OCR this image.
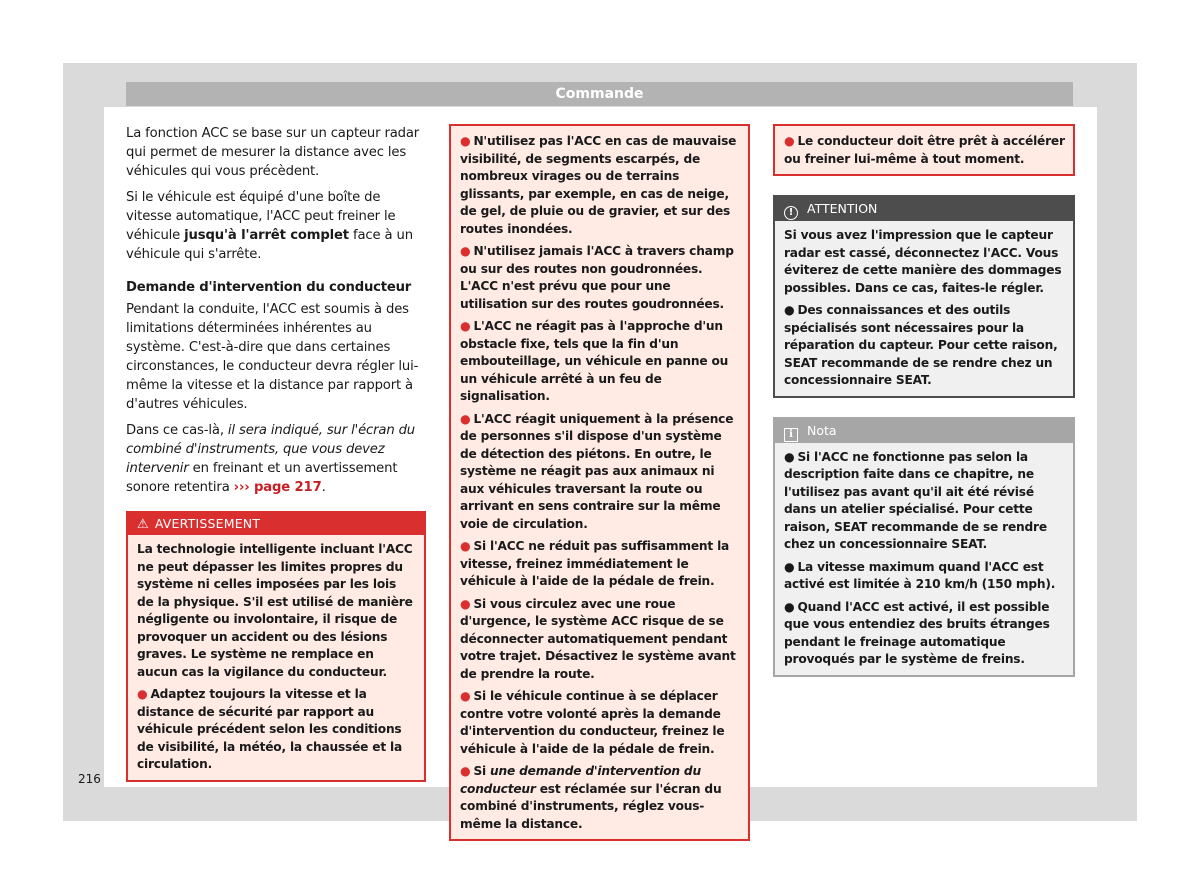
Commande

La fonction ACC se base sur un capteur radar qui permet de mesurer la distance avec les véhicules qui vous précèdent.

Si le véhicule est équipé d'une boîte de vitesse automatique, l'ACC peut freiner le véhicule jusqu'à l'arrêt complet face à un véhicule qui s'arrête.

Demande d'intervention du conducteur

Pendant la conduite, l'ACC est soumis à des limitations déterminées inhérentes au système. C'est-à-dire que dans certaines circonstances, le conducteur devra régler lui-même la vitesse et la distance par rapport à d'autres véhicules.

Dans ce cas-là, il sera indiqué, sur l'écran du combiné d'instruments, que vous devez intervenir en freinant et un avertissement sonore retentira ››› page 217.

⚠ AVERTISSEMENT

La technologie intelligente incluant l'ACC ne peut dépasser les limites propres du système ni celles imposées par les lois de la physique. S'il est utilisé de manière négligente ou involontaire, il risque de provoquer un accident ou des lésions graves. Le système ne remplace en aucun cas la vigilance du conducteur.

● Adaptez toujours la vitesse et la distance de sécurité par rapport au véhicule précédent selon les conditions de visibilité, la météo, la chaussée et la circulation.

● N'utilisez pas l'ACC en cas de mauvaise visibilité, de segments escarpés, de nombreux virages ou de terrains glissants, par exemple, en cas de neige, de gel, de pluie ou de gravier, et sur des routes inondées.

● N'utilisez jamais l'ACC à travers champ ou sur des routes non goudronnées. L'ACC n'est prévu que pour une utilisation sur des routes goudronnées.

● L'ACC ne réagit pas à l'approche d'un obstacle fixe, tels que la fin d'un embouteillage, un véhicule en panne ou un véhicule arrêté à un feu de signalisation.

● L'ACC réagit uniquement à la présence de personnes s'il dispose d'un système de détection des piétons. En outre, le système ne réagit pas aux animaux ni aux véhicules traversant la route ou arrivant en sens contraire sur la même voie de circulation.

● Si l'ACC ne réduit pas suffisamment la vitesse, freinez immédiatement le véhicule à l'aide de la pédale de frein.

● Si vous circulez avec une roue d'urgence, le système ACC risque de se déconnecter automatiquement pendant votre trajet. Désactivez le système avant de prendre la route.

● Si le véhicule continue à se déplacer contre votre volonté après la demande d'intervention du conducteur, freinez le véhicule à l'aide de la pédale de frein.

● Si une demande d'intervention du conducteur est réclamée sur l'écran du combiné d'instruments, réglez vous-même la distance.

● Le conducteur doit être prêt à accélérer ou freiner lui-même à tout moment.

! ATTENTION

Si vous avez l'impression que le capteur radar est cassé, déconnectez l'ACC. Vous éviterez de cette manière des dommages possibles. Dans ce cas, faites-le régler.

● Des connaissances et des outils spécialisés sont nécessaires pour la réparation du capteur. Pour cette raison, SEAT recommande de se rendre chez un concessionnaire SEAT.

i Nota

● Si l'ACC ne fonctionne pas selon la description faite dans ce chapitre, ne l'utilisez pas avant qu'il ait été révisé dans un atelier spécialisé. Pour cette raison, SEAT recommande de se rendre chez un concessionnaire SEAT.

● La vitesse maximum quand l'ACC est activé est limitée à 210 km/h (150 mph).

● Quand l'ACC est activé, il est possible que vous entendiez des bruits étranges pendant le freinage automatique provoqués par le système de freins.

216
